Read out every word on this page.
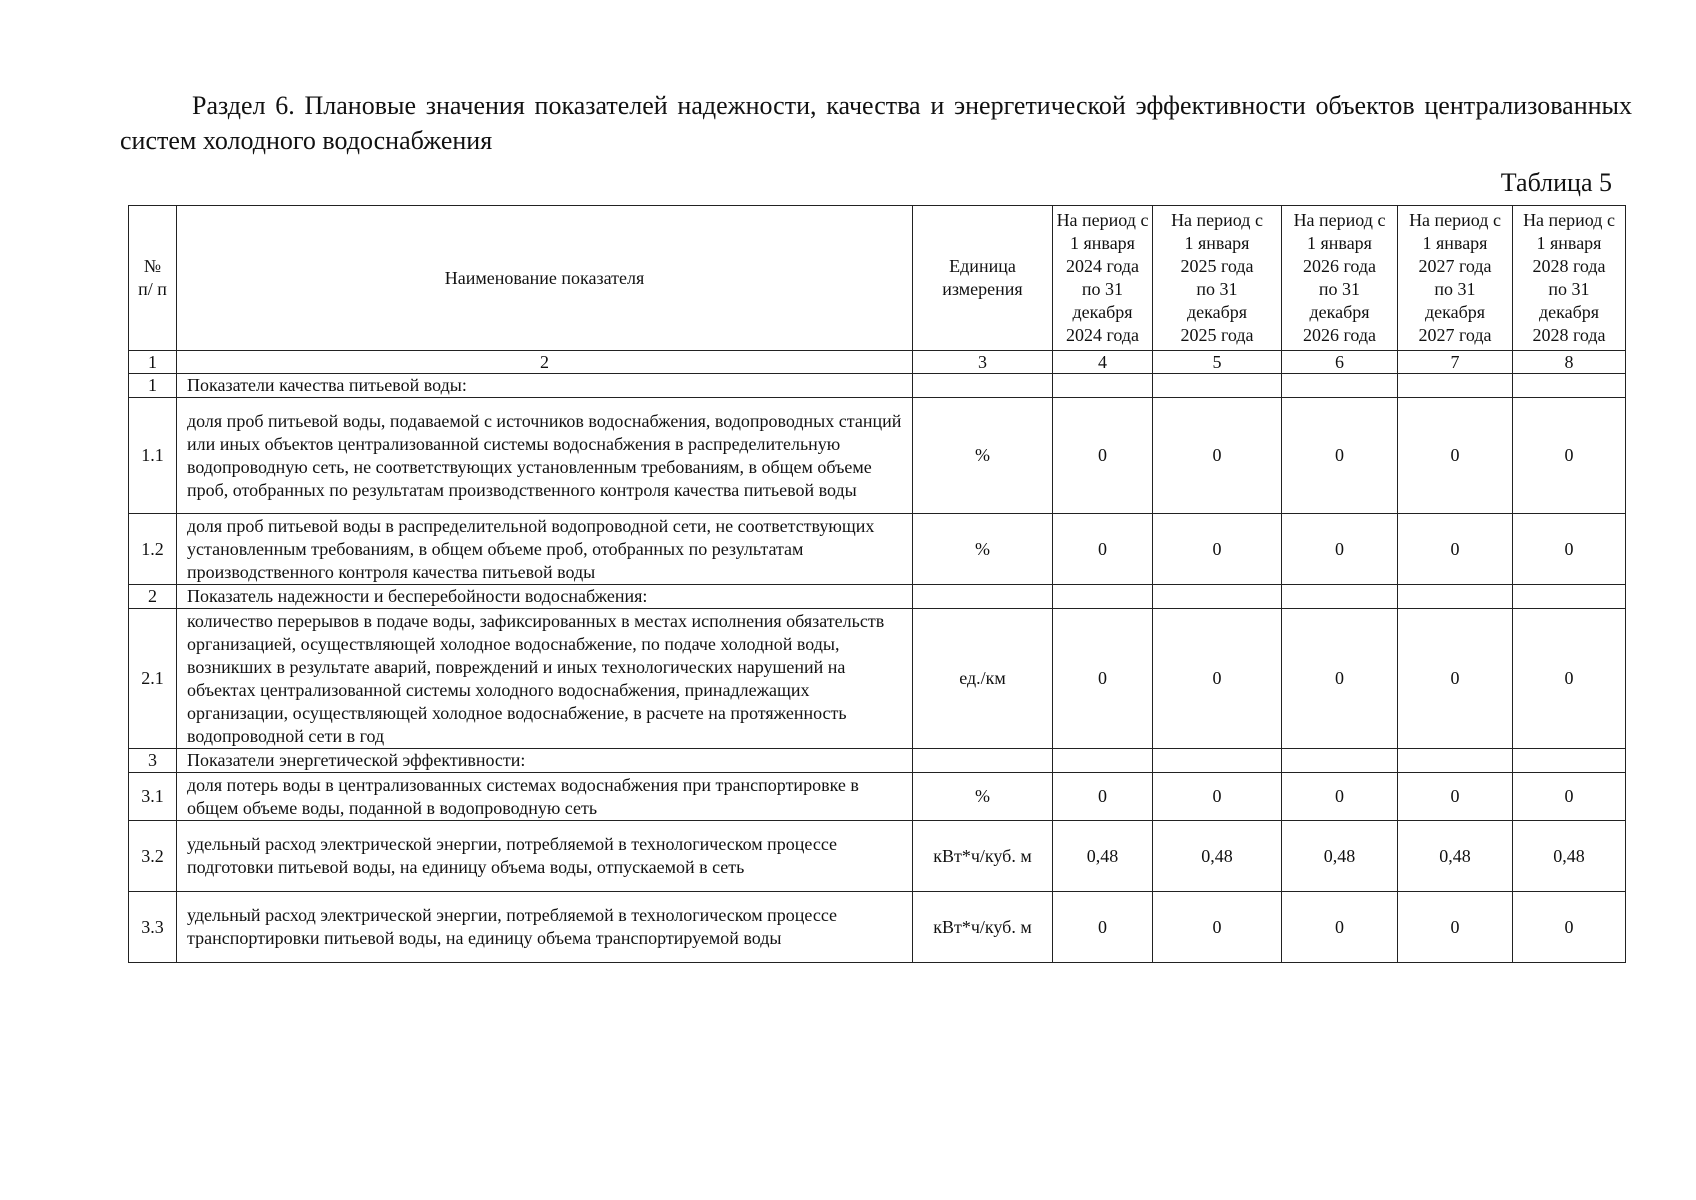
Раздел 6. Плановые значения показателей надежности, качества и энергетической эффективности объектов централизованных систем холодного водоснабжения
Таблица 5
№ п/ п	Наименование показателя	Единица измерения	На период с 1 января 2024 года по 31 декабря 2024 года	На период с 1 января 2025 года по 31 декабря 2025 года	На период с 1 января 2026 года по 31 декабря 2026 года	На период с 1 января 2027 года по 31 декабря 2027 года	На период с 1 января 2028 года по 31 декабря 2028 года
1	2	3	4	5	6	7	8
1	Показатели качества питьевой воды:						
1.1	доля проб питьевой воды, подаваемой с источников водоснабжения, водопроводных станций или иных объектов централизованной системы водоснабжения в распределительную водопроводную сеть, не соответствующих установленным требованиям, в общем объеме проб, отобранных по результатам производственного контроля качества питьевой воды	%	0	0	0	0	0
1.2	доля проб питьевой воды в распределительной водопроводной сети, не соответствующих установленным требованиям, в общем объеме проб, отобранных по результатам производственного контроля качества питьевой воды	%	0	0	0	0	0
2	Показатель надежности и бесперебойности водоснабжения:						
2.1	количество перерывов в подаче воды, зафиксированных в местах исполнения обязательств организацией, осуществляющей холодное водоснабжение, по подаче холодной воды, возникших в результате аварий, повреждений и иных технологических нарушений на объектах централизованной системы холодного водоснабжения, принадлежащих организации, осуществляющей холодное водоснабжение, в расчете на протяженность водопроводной сети в год	ед./км	0	0	0	0	0
3	Показатели энергетической эффективности:						
3.1	доля потерь воды в централизованных системах водоснабжения при транспортировке в общем объеме воды, поданной в водопроводную сеть	%	0	0	0	0	0
3.2	удельный расход электрической энергии, потребляемой в технологическом процессе подготовки питьевой воды, на единицу объема воды, отпускаемой в сеть	кВт*ч/куб. м	0,48	0,48	0,48	0,48	0,48
3.3	удельный расход электрической энергии, потребляемой в технологическом процессе транспортировки питьевой воды, на единицу объема транспортируемой воды	кВт*ч/куб. м	0	0	0	0	0
